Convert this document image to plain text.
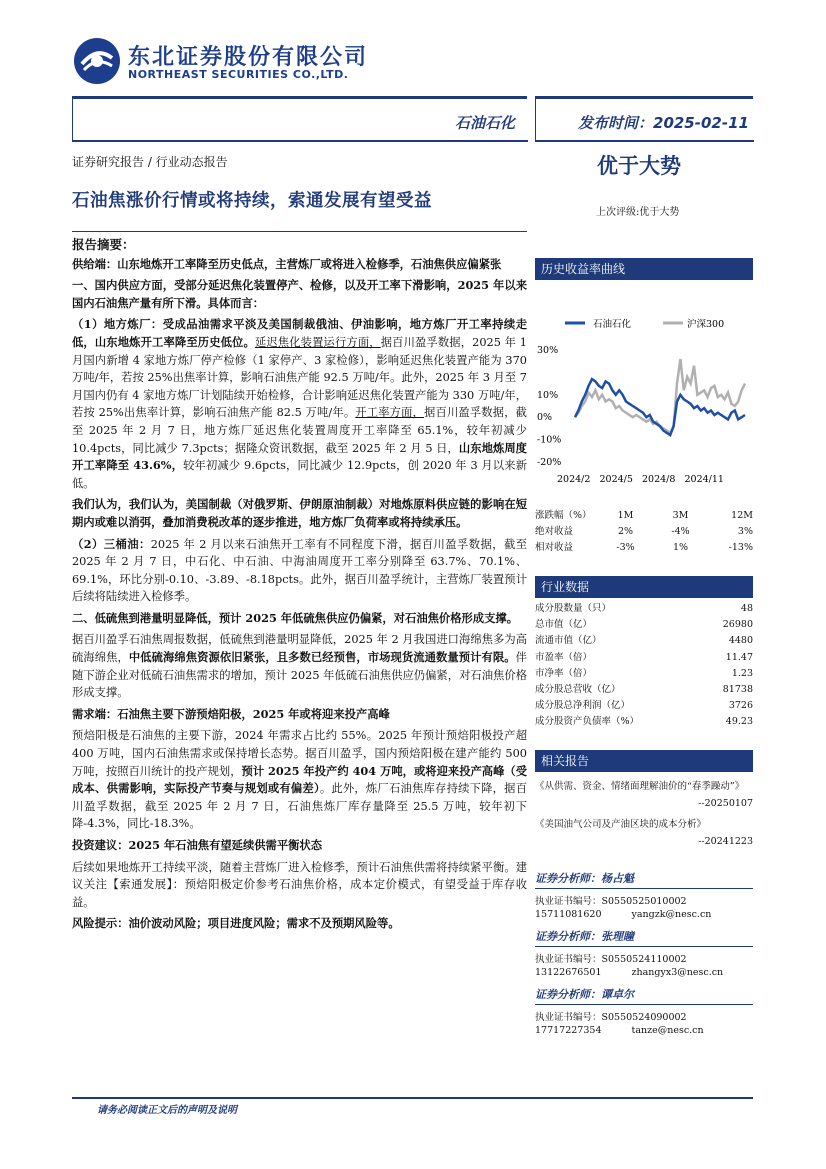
东北证券股份有限公司
NORTHEAST SECURITIES CO.,LTD.
石油石化	发布时间：2025-02-11
证券研究报告 / 行业动态报告	优于大势
上次评级:优于大势
石油焦涨价行情或将持续，索通发展有望受益

报告摘要：

供给端：山东地炼开工率降至历史低点，主营炼厂或将进入检修季，石油焦供应偏紧张

一、国内供应方面，受部分延迟焦化装置停产、检修，以及开工率下滑影响，2025 年以来国内石油焦产量有所下滑。具体而言：

（1）地方炼厂：受成品油需求平淡及美国制裁俄油、伊油影响，地方炼厂开工率持续走低，山东地炼开工率降至历史低位。延迟焦化装置运行方面，据百川盈孚数据，2025 年 1 月国内新增 4 家地方炼厂停产检修（1 家停产、3 家检修），影响延迟焦化装置产能为 370 万吨/年，若按 25%出焦率计算，影响石油焦产能 92.5 万吨/年。此外，2025 年 3 月至 7 月国内仍有 4 家地方炼厂计划陆续开始检修，合计影响延迟焦化装置产能为 330 万吨/年，若按 25%出焦率计算，影响石油焦产能 82.5 万吨/年。开工率方面，据百川盈孚数据，截至 2025 年 2 月 7 日，地方炼厂延迟焦化装置周度开工率降至 65.1%，较年初减少 10.4pcts，同比减少 7.3pcts；据隆众资讯数据，截至 2025 年 2 月 5 日，山东地炼周度开工率降至 43.6%，较年初减少 9.6pcts，同比减少 12.9pcts，创 2020 年 3 月以来新低。

我们认为，我们认为，美国制裁（对俄罗斯、伊朗原油制裁）对地炼原料供应链的影响在短期内或难以消弭，叠加消费税改革的逐步推进，地方炼厂负荷率或将持续承压。

（2）三桶油：2025 年 2 月以来石油焦开工率有不同程度下滑，据百川盈孚数据，截至 2025 年 2 月 7 日，中石化、中石油、中海油周度开工率分别降至 63.7%、70.1%、69.1%，环比分别-0.10、-3.89、-8.18pcts。此外，据百川盈孚统计，主营炼厂装置预计后续将陆续进入检修季。

二、低硫焦到港量明显降低，预计 2025 年低硫焦供应仍偏紧，对石油焦价格形成支撑。

据百川盈孚石油焦周报数据，低硫焦到港量明显降低，2025 年 2 月我国进口海绵焦多为高硫海绵焦，中低硫海绵焦资源依旧紧张，且多数已经预售，市场现货流通数量预计有限。伴随下游企业对低硫石油焦需求的增加，预计 2025 年低硫石油焦供应仍偏紧，对石油焦价格形成支撑。

需求端：石油焦主要下游预焙阳极，2025 年或将迎来投产高峰

预焙阳极是石油焦的主要下游，2024 年需求占比约 55%。2025 年预计预焙阳极投产超 400 万吨，国内石油焦需求或保持增长态势。据百川盈孚，国内预焙阳极在建产能约 500 万吨，按照百川统计的投产规划，预计 2025 年投产约 404 万吨，或将迎来投产高峰（受成本、供需影响，实际投产节奏与规划或有偏差）。此外，炼厂石油焦库存持续下降，据百川盈孚数据，截至 2025 年 2 月 7 日，石油焦炼厂库存量降至 25.5 万吨，较年初下降-4.3%，同比-18.3%。

投资建议：2025 年石油焦有望延续供需平衡状态

后续如果地炼开工持续平淡，随着主营炼厂进入检修季，预计石油焦供需将持续紧平衡。建议关注【索通发展】：预焙阳极定价参考石油焦价格，成本定价模式，有望受益于库存收益。

风险提示：油价波动风险；项目进度风险；需求不及预期风险等。

历史收益率曲线
石油石化	沪深300
30%
10%
0%
-10%
-20%
2024/2 2024/5 2024/8 2024/11
涨跌幅（%）	1M	3M	12M
绝对收益	2%	-4%	3%
相对收益	-3%	1%	-13%
行业数据
成分股数量（只）	48
总市值（亿）	26980
流通市值（亿）	4480
市盈率（倍）	11.47
市净率（倍）	1.23
成分股总营收（亿）	81738
成分股总净利润（亿）	3726
成分股资产负债率（%）	49.23
相关报告
《从供需、资金、情绪面理解油价的“春季躁动”》
--20250107
《美国油气公司及产油区块的成本分析》
--20241223
证券分析师：杨占魁
执业证书编号：S0550525010002
15711081620	yangzk@nesc.cn
证券分析师：张理瞳
执业证书编号：S0550524110002
13122676501	zhangyx3@nesc.cn
证券分析师：谭卓尔
执业证书编号：S0550524090002
17717227354	tanze@nesc.cn
请务必阅读正文后的声明及说明
